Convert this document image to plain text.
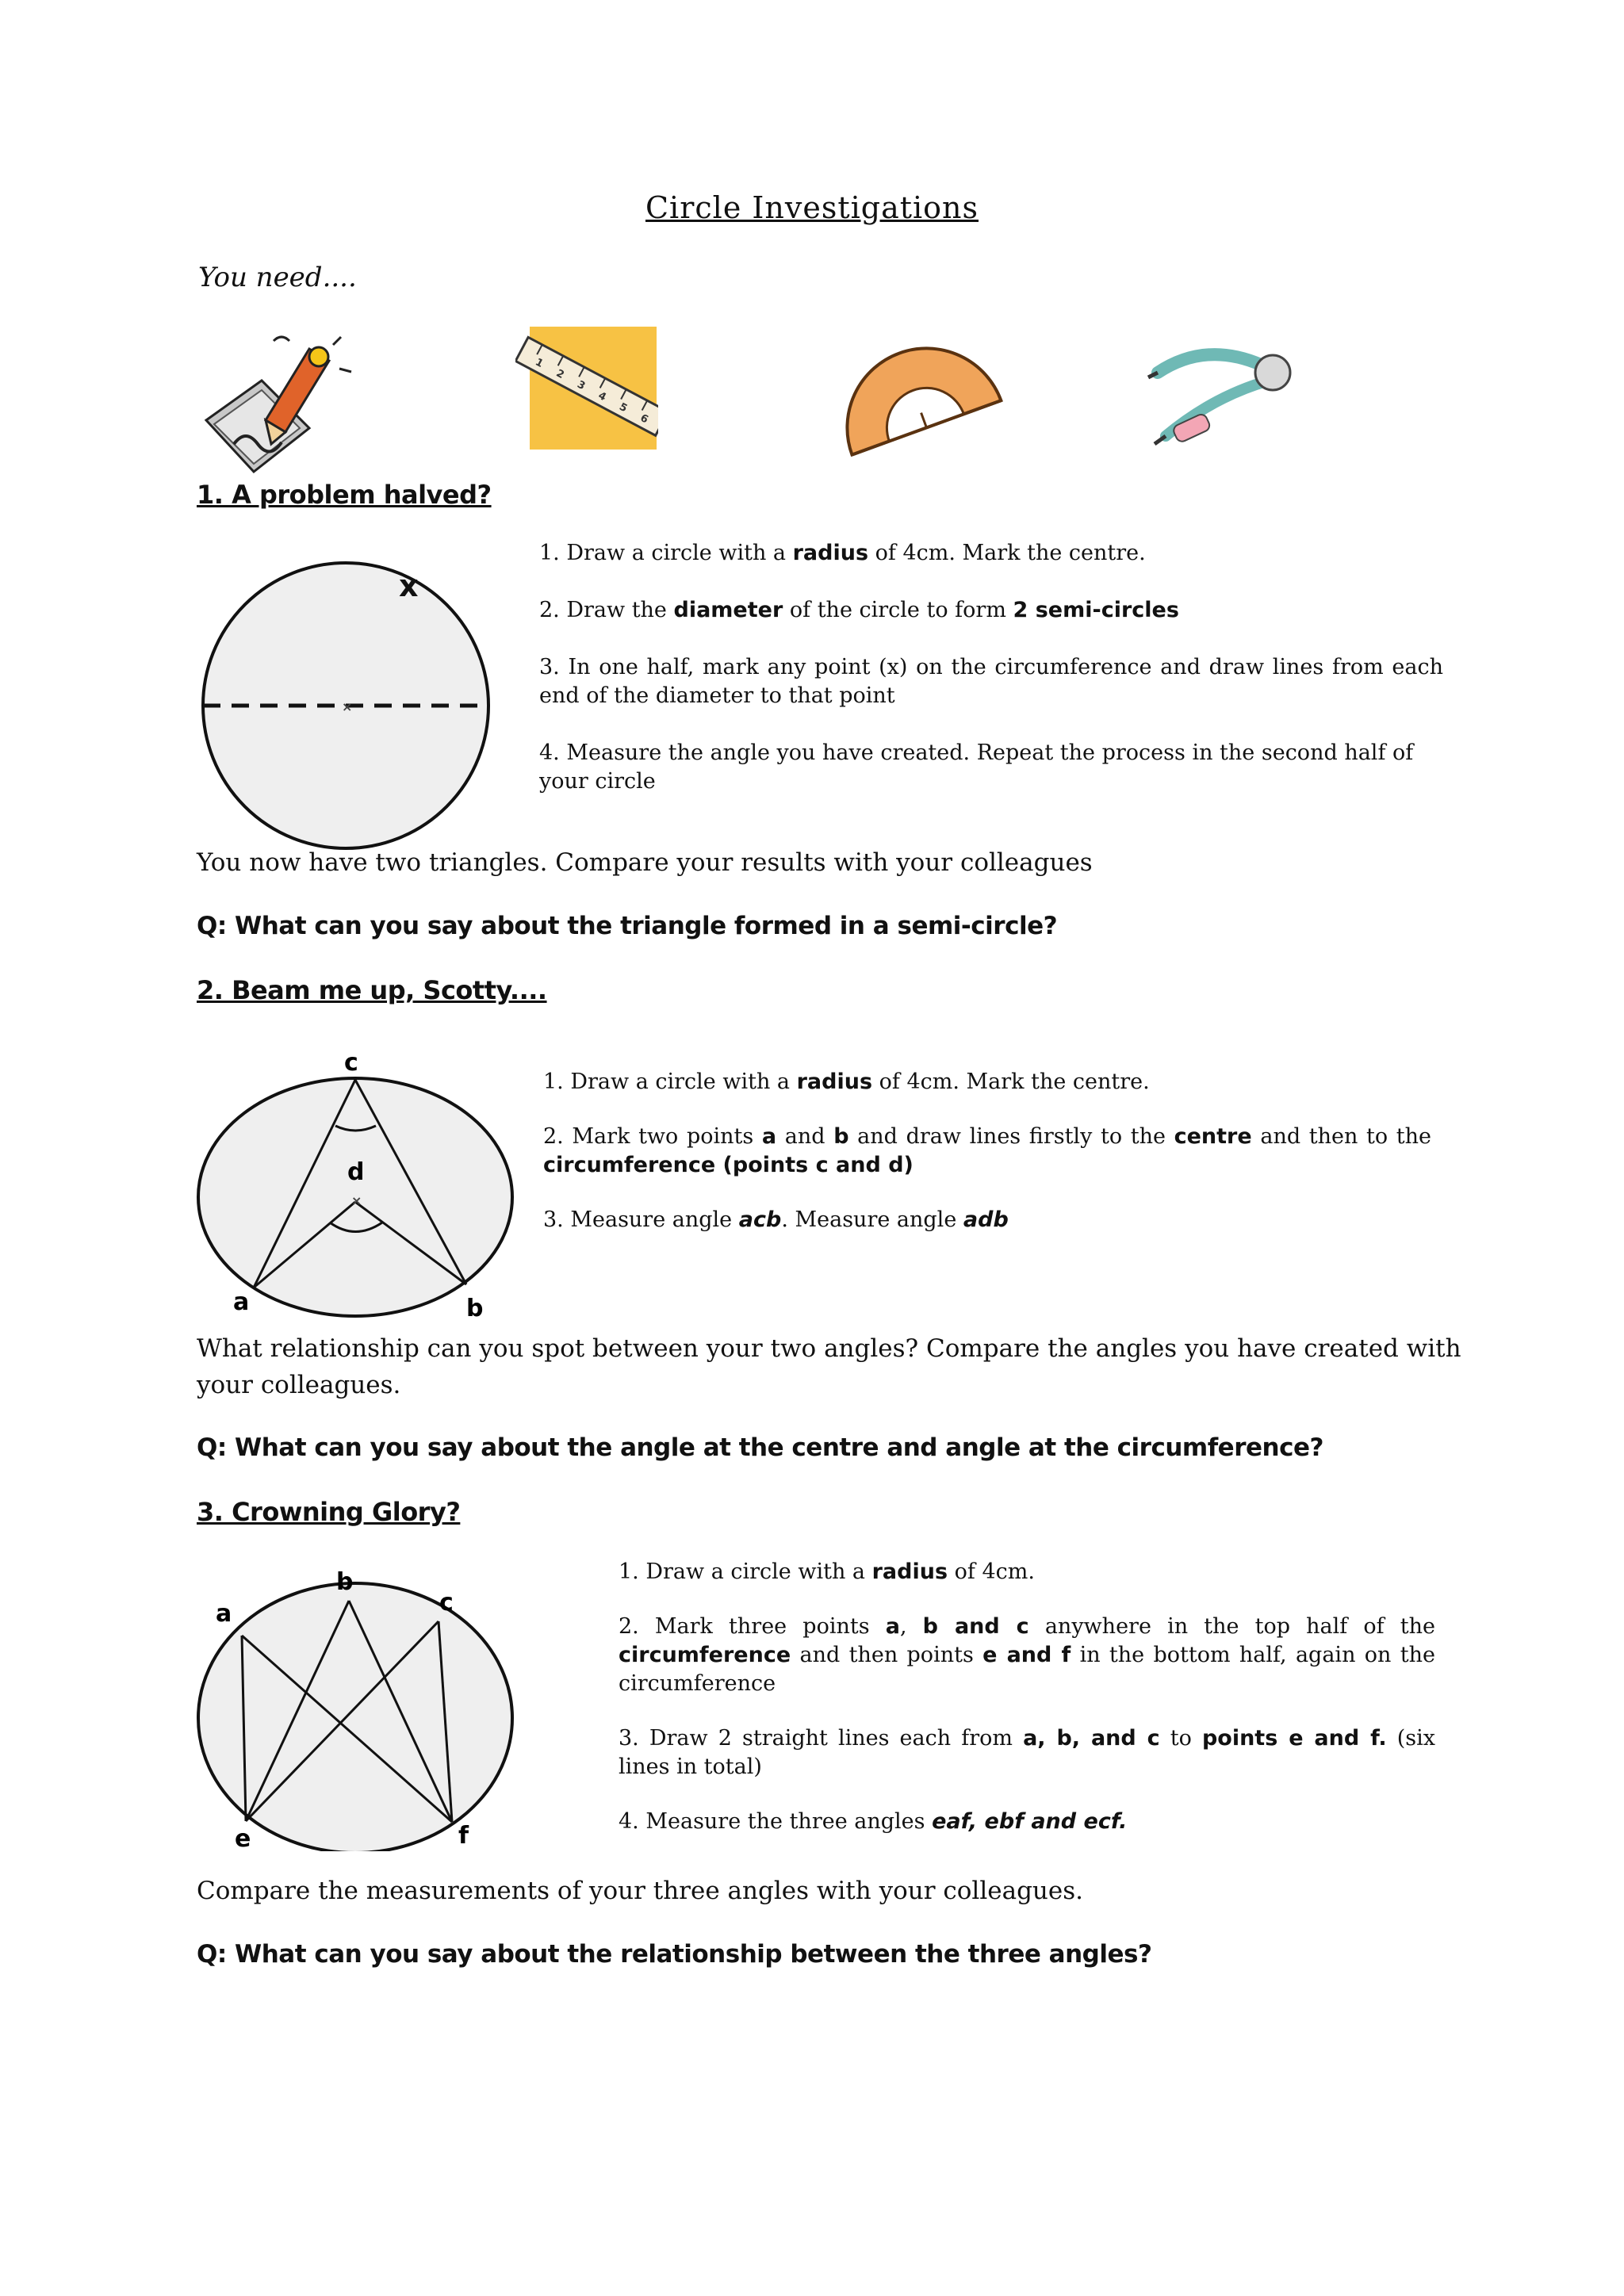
Circle Investigations
You need....
1
2
3
4
5
6
1. A problem halved?
×
x
1. Draw a circle with a radius of 4cm. Mark the centre.
2. Draw the diameter of the circle to form 2 semi-circles
3. In one half, mark any point (x) on the circumference and draw lines from each end of the diameter to that point
4. Measure the angle you have created. Repeat the process in the second half of your circle
You now have two triangles. Compare your results with your colleagues
Q: What can you say about the triangle formed in a semi-circle?
2. Beam me up, Scotty....
×
c
d
a	b
1. Draw a circle with a radius of 4cm. Mark the centre.
2. Mark two points a and b and draw lines firstly to the centre and then to the circumference (points c and d)
3. Measure angle acb. Measure angle adb
What relationship can you spot between your two angles? Compare the angles you have created with your colleagues.
Q: What can you say about the angle at the centre and angle at the circumference?
3. Crowning Glory?
a
b
c
e	f
1. Draw a circle with a radius of 4cm.
2. Mark three points a, b and c anywhere in the top half of the circumference and then points e and f in the bottom half, again on the circumference
3. Draw 2 straight lines each from a, b, and c to points e and f. (six lines in total)
4. Measure the three angles eaf, ebf and ecf.
Compare the measurements of your three angles with your colleagues.
Q: What can you say about the relationship between the three angles?
